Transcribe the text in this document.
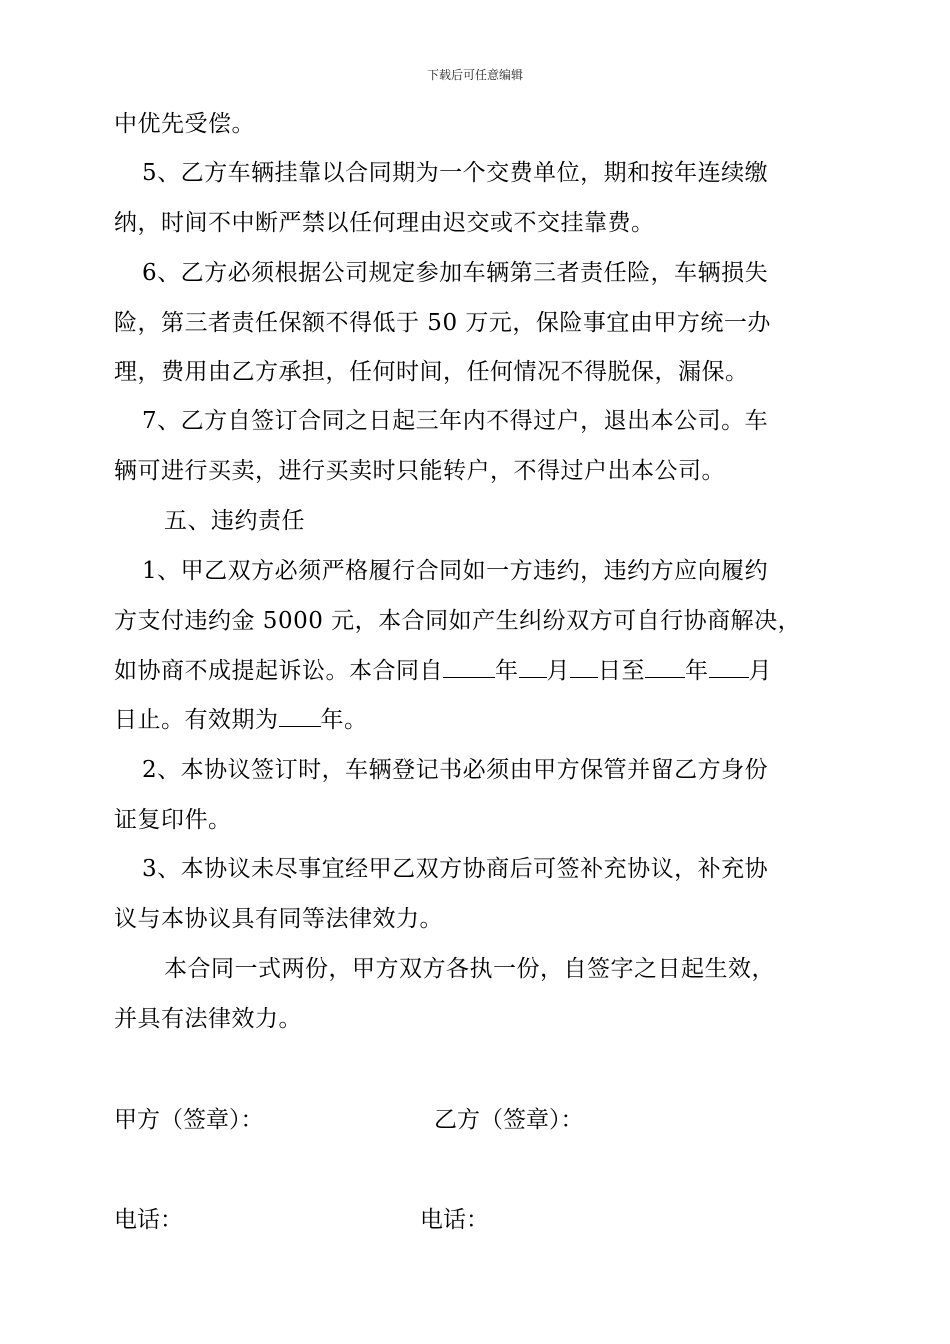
下载后可任意编辑
中优先受偿。
5、乙方车辆挂靠以合同期为一个交费单位，期和按年连续缴
纳，时间不中断严禁以任何理由迟交或不交挂靠费。
6、乙方必须根据公司规定参加车辆第三者责任险，车辆损失
险，第三者责任保额不得低于 50 万元，保险事宜由甲方统一办
理，费用由乙方承担，任何时间，任何情况不得脱保，漏保。
7、乙方自签订合同之日起三年内不得过户，退出本公司。车
辆可进行买卖，进行买卖时只能转户，不得过户出本公司。
五、违约责任
1、甲乙双方必须严格履行合同如一方违约，违约方应向履约
方支付违约金 5000 元，本合同如产生纠纷双方可自行协商解决，
如协商不成提起诉讼。本合同自 年 月 日至 年 月
日止。有效期为 年。
2、本协议签订时，车辆登记书必须由甲方保管并留乙方身份
证复印件。
3、本协议未尽事宜经甲乙双方协商后可签补充协议，补充协
议与本协议具有同等法律效力。
本合同一式两份，甲方双方各执一份，自签字之日起生效，
并具有法律效力。
甲方（签章）：	乙方（签章）：
电话：	电话：
